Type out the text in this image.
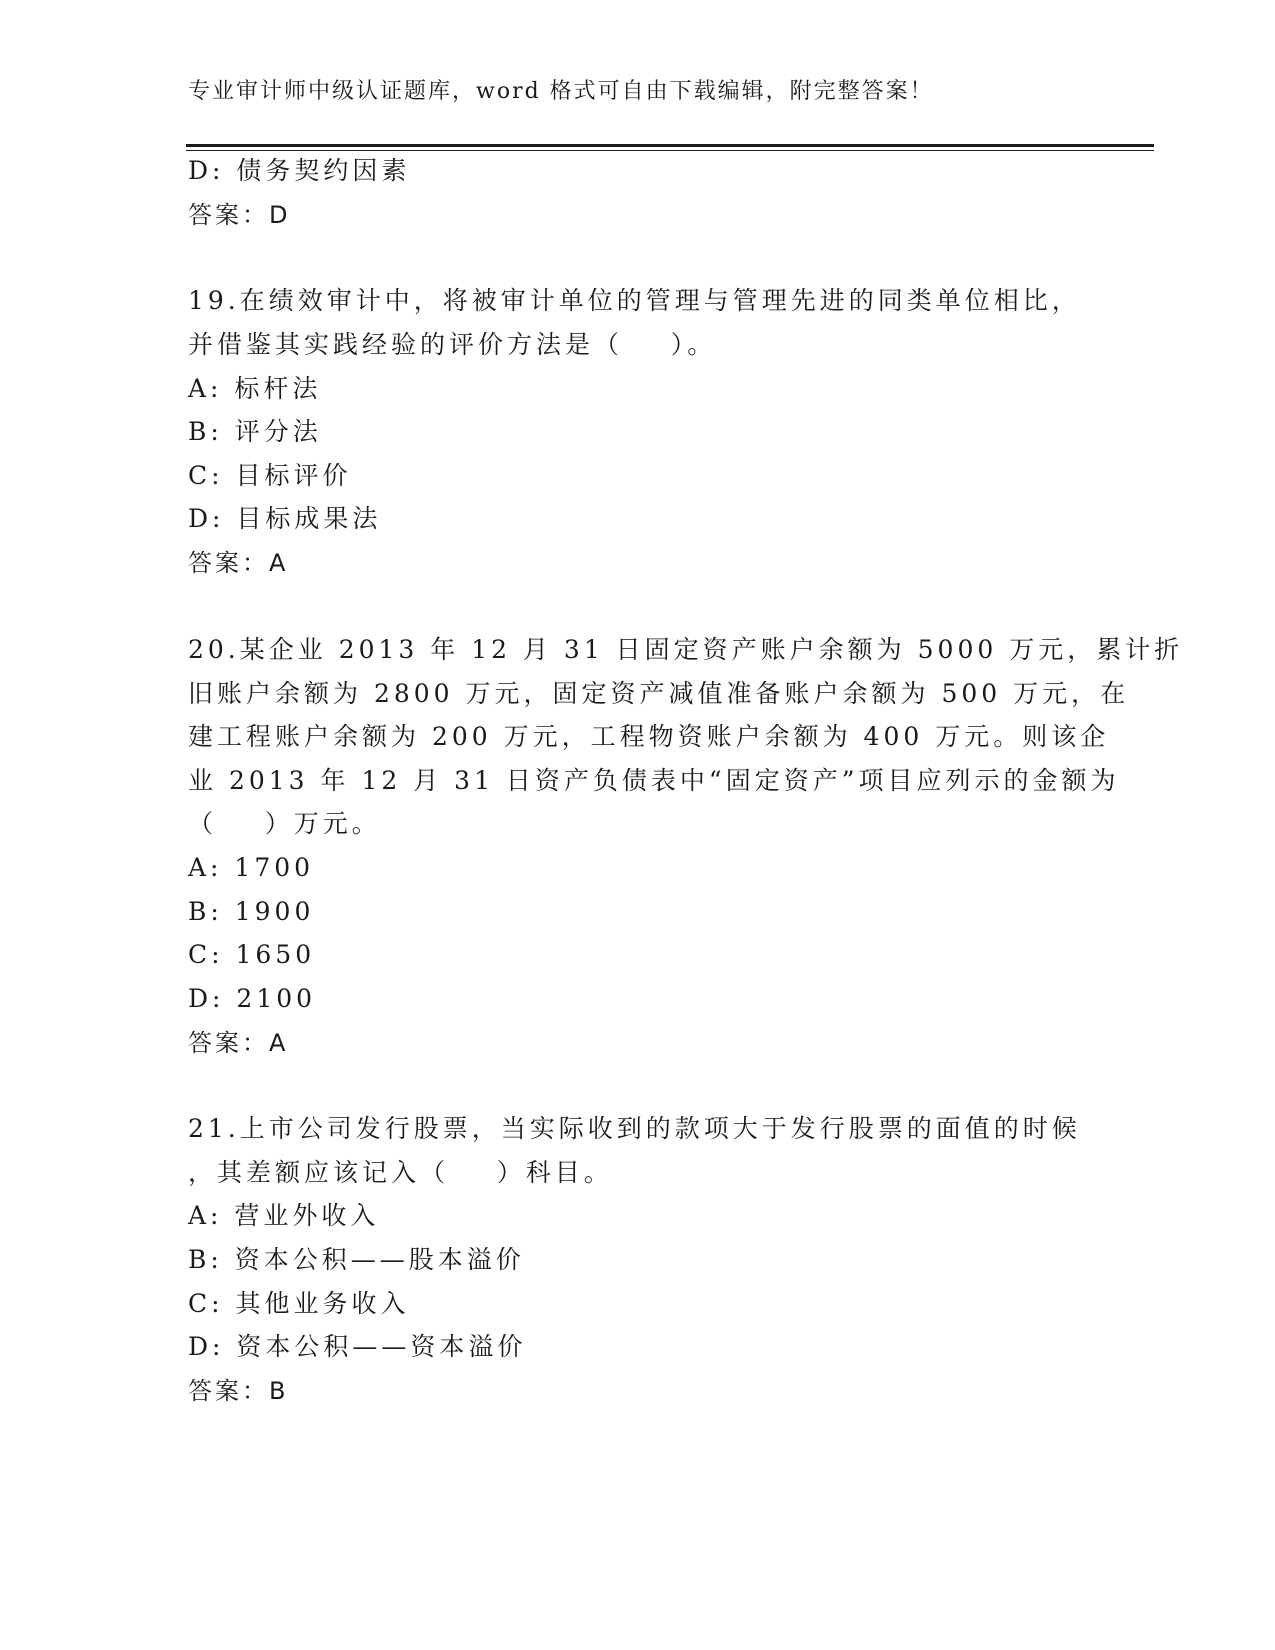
专业审计师中级认证题库，word 格式可自由下载编辑，附完整答案！
D: 债务契约因素
答案：D
19.在绩效审计中，将被审计单位的管理与管理先进的同类单位相比，
并借鉴其实践经验的评价方法是（    ）。
A: 标杆法
B: 评分法
C: 目标评价
D: 目标成果法
答案：A
20.某企业 2013 年 12 月 31 日固定资产账户余额为 5000 万元，累计折
旧账户余额为 2800 万元，固定资产减值准备账户余额为 500 万元，在
建工程账户余额为 200 万元，工程物资账户余额为 400 万元。则该企
业 2013 年 12 月 31 日资产负债表中“固定资产”项目应列示的金额为
（    ）万元。
A: 1700
B: 1900
C: 1650
D: 2100
答案：A
21.上市公司发行股票，当实际收到的款项大于发行股票的面值的时候
，其差额应该记入（    ）科目。
A: 营业外收入
B: 资本公积——股本溢价
C: 其他业务收入
D: 资本公积——资本溢价
答案：B
